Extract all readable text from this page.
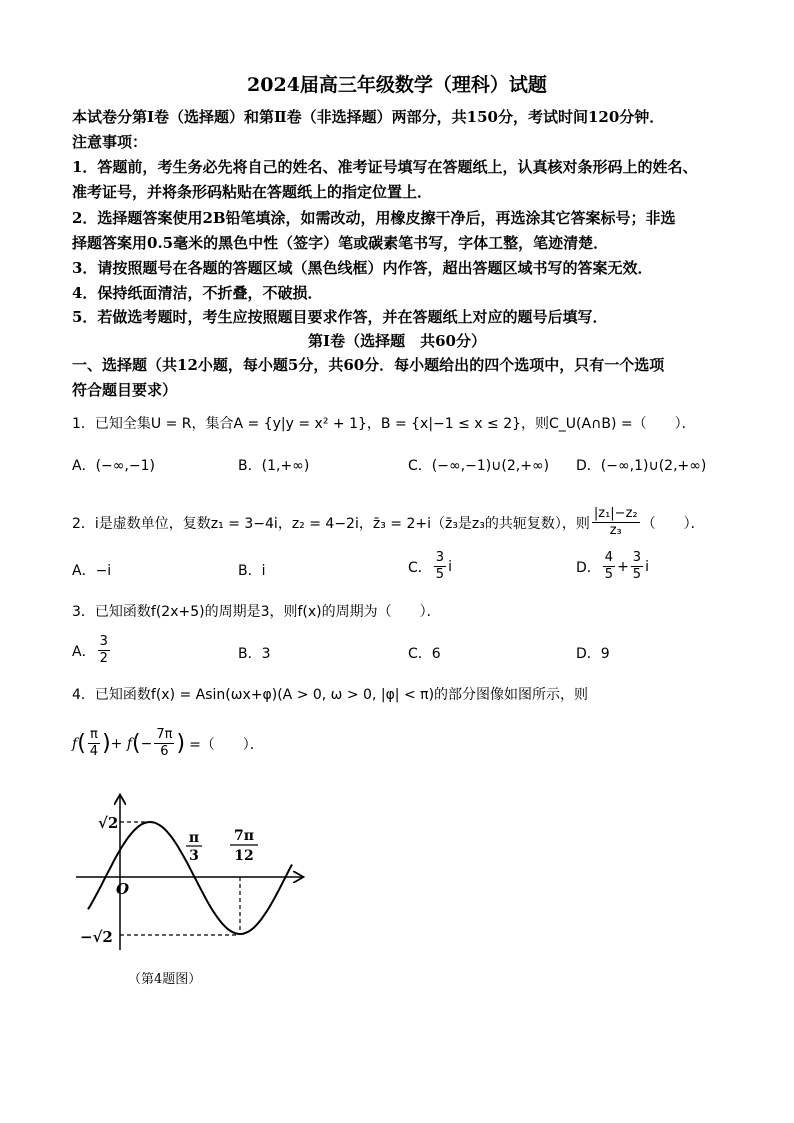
2024届高三年级数学（理科）试题
本试卷分第Ⅰ卷（选择题）和第Ⅱ卷（非选择题）两部分，共150分，考试时间120分钟．
注意事项：
1．答题前，考生务必先将自己的姓名、准考证号填写在答题纸上，认真核对条形码上的姓名、
准考证号，并将条形码粘贴在答题纸上的指定位置上．
2．选择题答案使用2B铅笔填涂，如需改动，用橡皮擦干净后，再选涂其它答案标号；非选
择题答案用0.5毫米的黑色中性（签字）笔或碳素笔书写，字体工整，笔迹清楚．
3．请按照题号在各题的答题区域（黑色线框）内作答，超出答题区域书写的答案无效．
4．保持纸面清洁，不折叠，不破损．
5．若做选考题时，考生应按照题目要求作答，并在答题纸上对应的题号后填写．
第Ⅰ卷（选择题　共60分）
一、选择题（共12小题，每小题5分，共60分．每小题给出的四个选项中，只有一个选项
符合题目要求）
1．已知全集U = R，集合A = {y|y = x² + 1}，B = {x|−1 ≤ x ≤ 2}，则C_U(A∩B) =（　　）．
A．(−∞,−1)	B．(1,+∞)	C．(−∞,−1)∪(2,+∞) D．(−∞,1)∪(2,+∞)
2．i是虚数单位，复数z₁ = 3−4i，z₂ = 4−2i，z̄₃ = 2+i（z̄₃是z₃的共轭复数），则 $\frac{\text{|z₁|−z₂}}{\text{z₃}}$ （　　）．
A．−i	B．i	C． $\frac{3}{5}$ i	D． $\frac{4}{5} + \frac{3}{5}$ i
3．已知函数f(2x+5)的周期是3，则f(x)的周期为（　　）．
A． $\frac{3}{2}$	B．3	C．6	D．9
4．已知函数f(x) = Asin(ωx+φ)(A > 0, ω > 0, |φ| < π)的部分图像如图所示，则
f ( $\frac{\pi}{4}$ ) + f ( − $\frac{7\pi}{6}$ ) =（　　）．
√2
−√2
O
π
3
7π
12
（第4题图）
